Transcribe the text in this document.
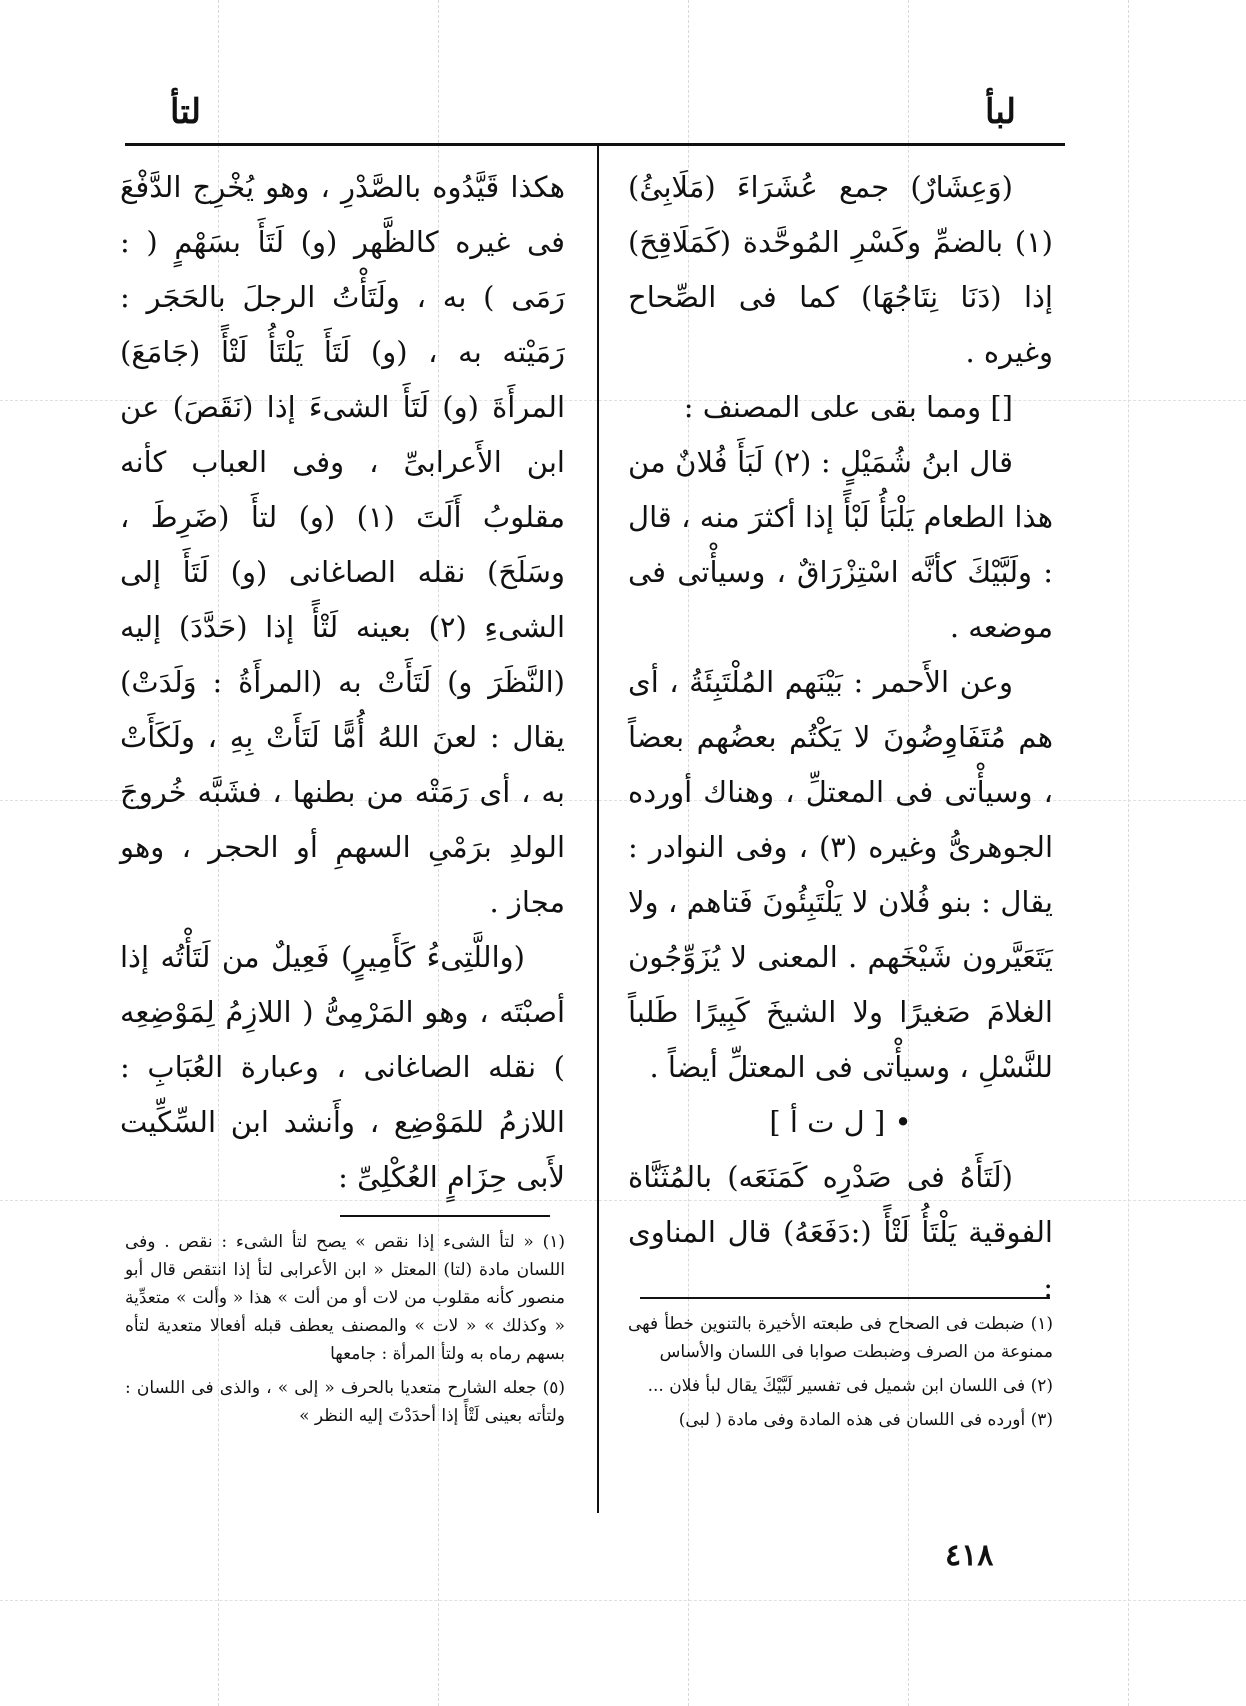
لتأ	لبأ

(وَعِشَارٌ) جمع عُشَرَاءَ (مَلَابِئُ) (١) بالضمِّ وكَسْرِ المُوحَّدة (كَمَلَاقِحَ) إذا (دَنَا نِتَاجُهَا) كما فى الصِّحاح وغيره .

[] ومما بقى على المصنف :

قال ابنُ شُمَيْلٍ : (٢) لَبَأَ فُلانٌ من هذا الطعام يَلْبَأُ لَبْأً إذا أكثرَ منه ، قال : ولَبَّيْكَ كأنَّه اسْتِزْرَاقٌ ، وسيأْتى فى موضعه .

وعن الأَحمر : بَيْنَهم المُلْتَبِئَةُ ، أى هم مُتَفَاوِضُونَ لا يَكْتُم بعضُهم بعضاً ، وسيأْتى فى المعتلِّ ، وهناك أورده الجوهرىُّ وغيره (٣) ، وفى النوادر : يقال : بنو فُلان لا يَلْتَبِئُونَ فَتاهم ، ولا يَتَعَيَّرون شَيْخَهم . المعنى لا يُزَوِّجُون الغلامَ صَغيرًا ولا الشيخَ كَبِيرًا طَلباً للنَّسْلِ ، وسيأْتى فى المعتلِّ أيضاً .

• [ ل ت أ ]

(لَتَأَهُ فى صَدْرِه كَمَنَعَه) بالمُثَنَّاة الفوقية يَلْتَأُ لَتْأً (:دَفَعَهُ) قال المناوى :

هكذا قَيَّدُوه بالصَّدْرِ ، وهو يُخْرِج الدَّفْعَ فى غيره كالظَّهر (و) لَتَأَ بسَهْمٍ ( : رَمَى ) به ، ولَتَأْتُ الرجلَ بالحَجَر : رَمَيْته به ، (و) لَتَأَ يَلْتَأُ لَتْأً (جَامَعَ) المرأَةَ (و) لَتَأَ الشىءَ إذا (نَقَصَ) عن ابن الأَعرابىِّ ، وفى العباب كأنه مقلوبُ أَلَتَ (١) (و) لتأَ (ضَرِطَ ، وسَلَحَ) نقله الصاغانى (و) لَتَأَ إلى الشىءِ (٢) بعينه لَتْأً إذا (حَدَّدَ) إليه (النَّظَرَ و) لَتَأَتْ به (المرأَةُ : وَلَدَتْ) يقال : لعنَ اللهُ أُمًّا لَتَأَتْ بِهِ ، ولَكَأَتْ به ، أى رَمَتْه من بطنها ، فشَبَّه خُروجَ الولدِ برَمْىِ السهمِ أو الحجر ، وهو مجاز .

(واللَّتِىءُ كَأَمِيرٍ) فَعِيلٌ من لَتَأْتُه إذا أصبْتَه ، وهو المَرْمِىُّ ( اللازِمُ لِمَوْضِعِه ) نقله الصاغانى ، وعبارة العُبَابِ : اللازمُ للمَوْضِع ، وأَنشد ابن السِّكِّيت لأَبى حِزَامٍ العُكْلِىِّ :

(١) « لتأ الشىء إذا نقص » يصح لتأ الشىء : نقص . وفى اللسان مادة (لتا) المعتل « ابن الأعرابى لتأ إذا انتقص قال أبو منصور كأنه مقلوب من لات أو من ألت » هذا « وألت » متعدِّية « وكذلك » « لات » والمصنف يعطف قبله أفعالا متعدية لتأه بسهم رماه به ولتأ المرأة : جامعها

(٥) جعله الشارح متعديا بالحرف « إلى » ، والذى فى اللسان : ولتأته بعينى لَتْأً إذا أحدَدْتَ إليه النظر »

(١) ضبطت فى الصحاح فى طبعته الأخيرة بالتنوين خطأ فهى ممنوعة من الصرف وضبطت صوابا فى اللسان والأساس

(٢) فى اللسان ابن شميل فى تفسير لَبَّيْكَ يقال لبأ فلان ...

(٣) أورده فى اللسان فى هذه المادة وفى مادة ( لبى)

٤١٨
